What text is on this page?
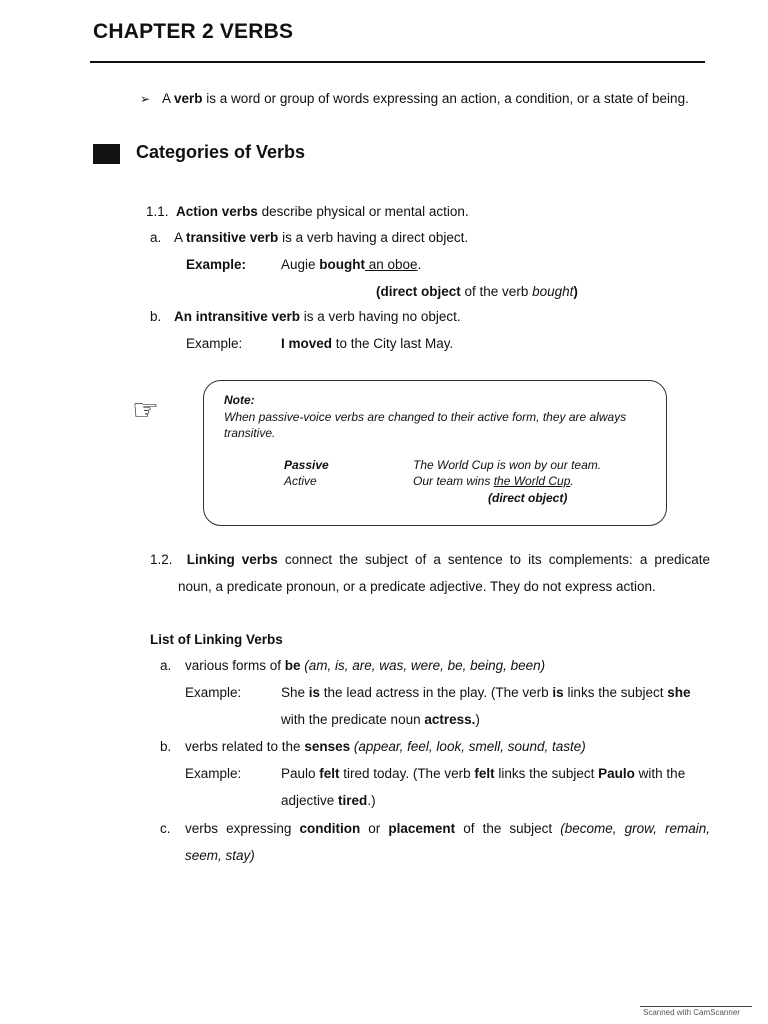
CHAPTER 2 VERBS
➢ A verb is a word or group of words expressing an action, a condition, or a state of being.
Categories of Verbs
1.1. Action verbs describe physical or mental action.
a. A transitive verb is a verb having a direct object.
Example:	Augie bought an oboe.
(direct object of the verb bought)
b. An intransitive verb is a verb having no object.
Example:	I moved to the City last May.
☞	Note:
When passive-voice verbs are changed to their active form, they are always
transitive.
Passive	The World Cup is won by our team.
Active	Our team wins the World Cup.
(direct object)
1.2. Linking verbs connect the subject of a sentence to its complements: a predicate
noun, a predicate pronoun, or a predicate adjective. They do not express action.
List of Linking Verbs
a. various forms of be (am, is, are, was, were, be, being, been)
Example:	She is the lead actress in the play. (The verb is links the subject she
with the predicate noun actress.)
b. verbs related to the senses (appear, feel, look, smell, sound, taste)
Example:	Paulo felt tired today. (The verb felt links the subject Paulo with the
adjective tired.)
c. verbs expressing condition or placement of the subject (become, grow, remain,
seem, stay)
Scanned with CamScanner
